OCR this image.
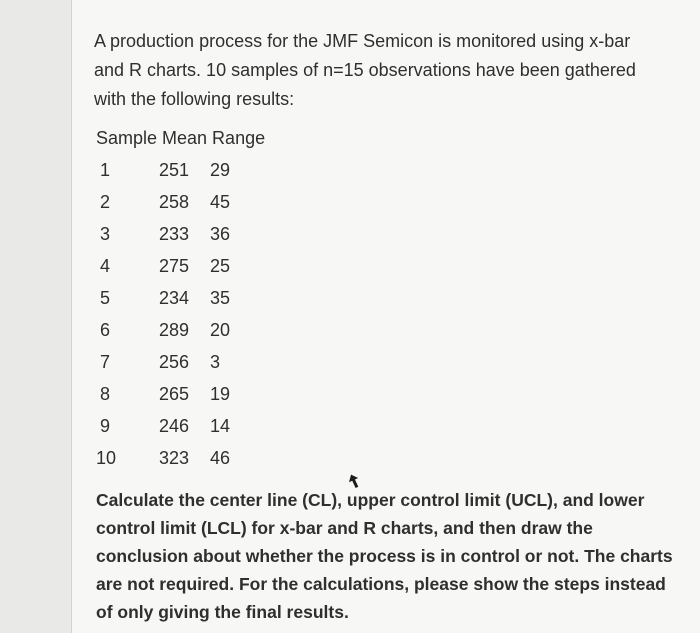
A production process for the JMF Semicon is monitored using x-bar and R charts. 10 samples of n=15 observations have been gathered with the following results:
Sample Mean Range
1	251 29
2	258 45
3	233 36
4	275 25
5	234 35
6	289 20
7	256 3
8	265 19
9	246 14
10	323 46
Calculate the center line (CL), upper control limit (UCL), and lower control limit (LCL) for x-bar and R charts, and then draw the conclusion about whether the process is in control or not. The charts are not required. For the calculations, please show the steps instead of only giving the final results.
